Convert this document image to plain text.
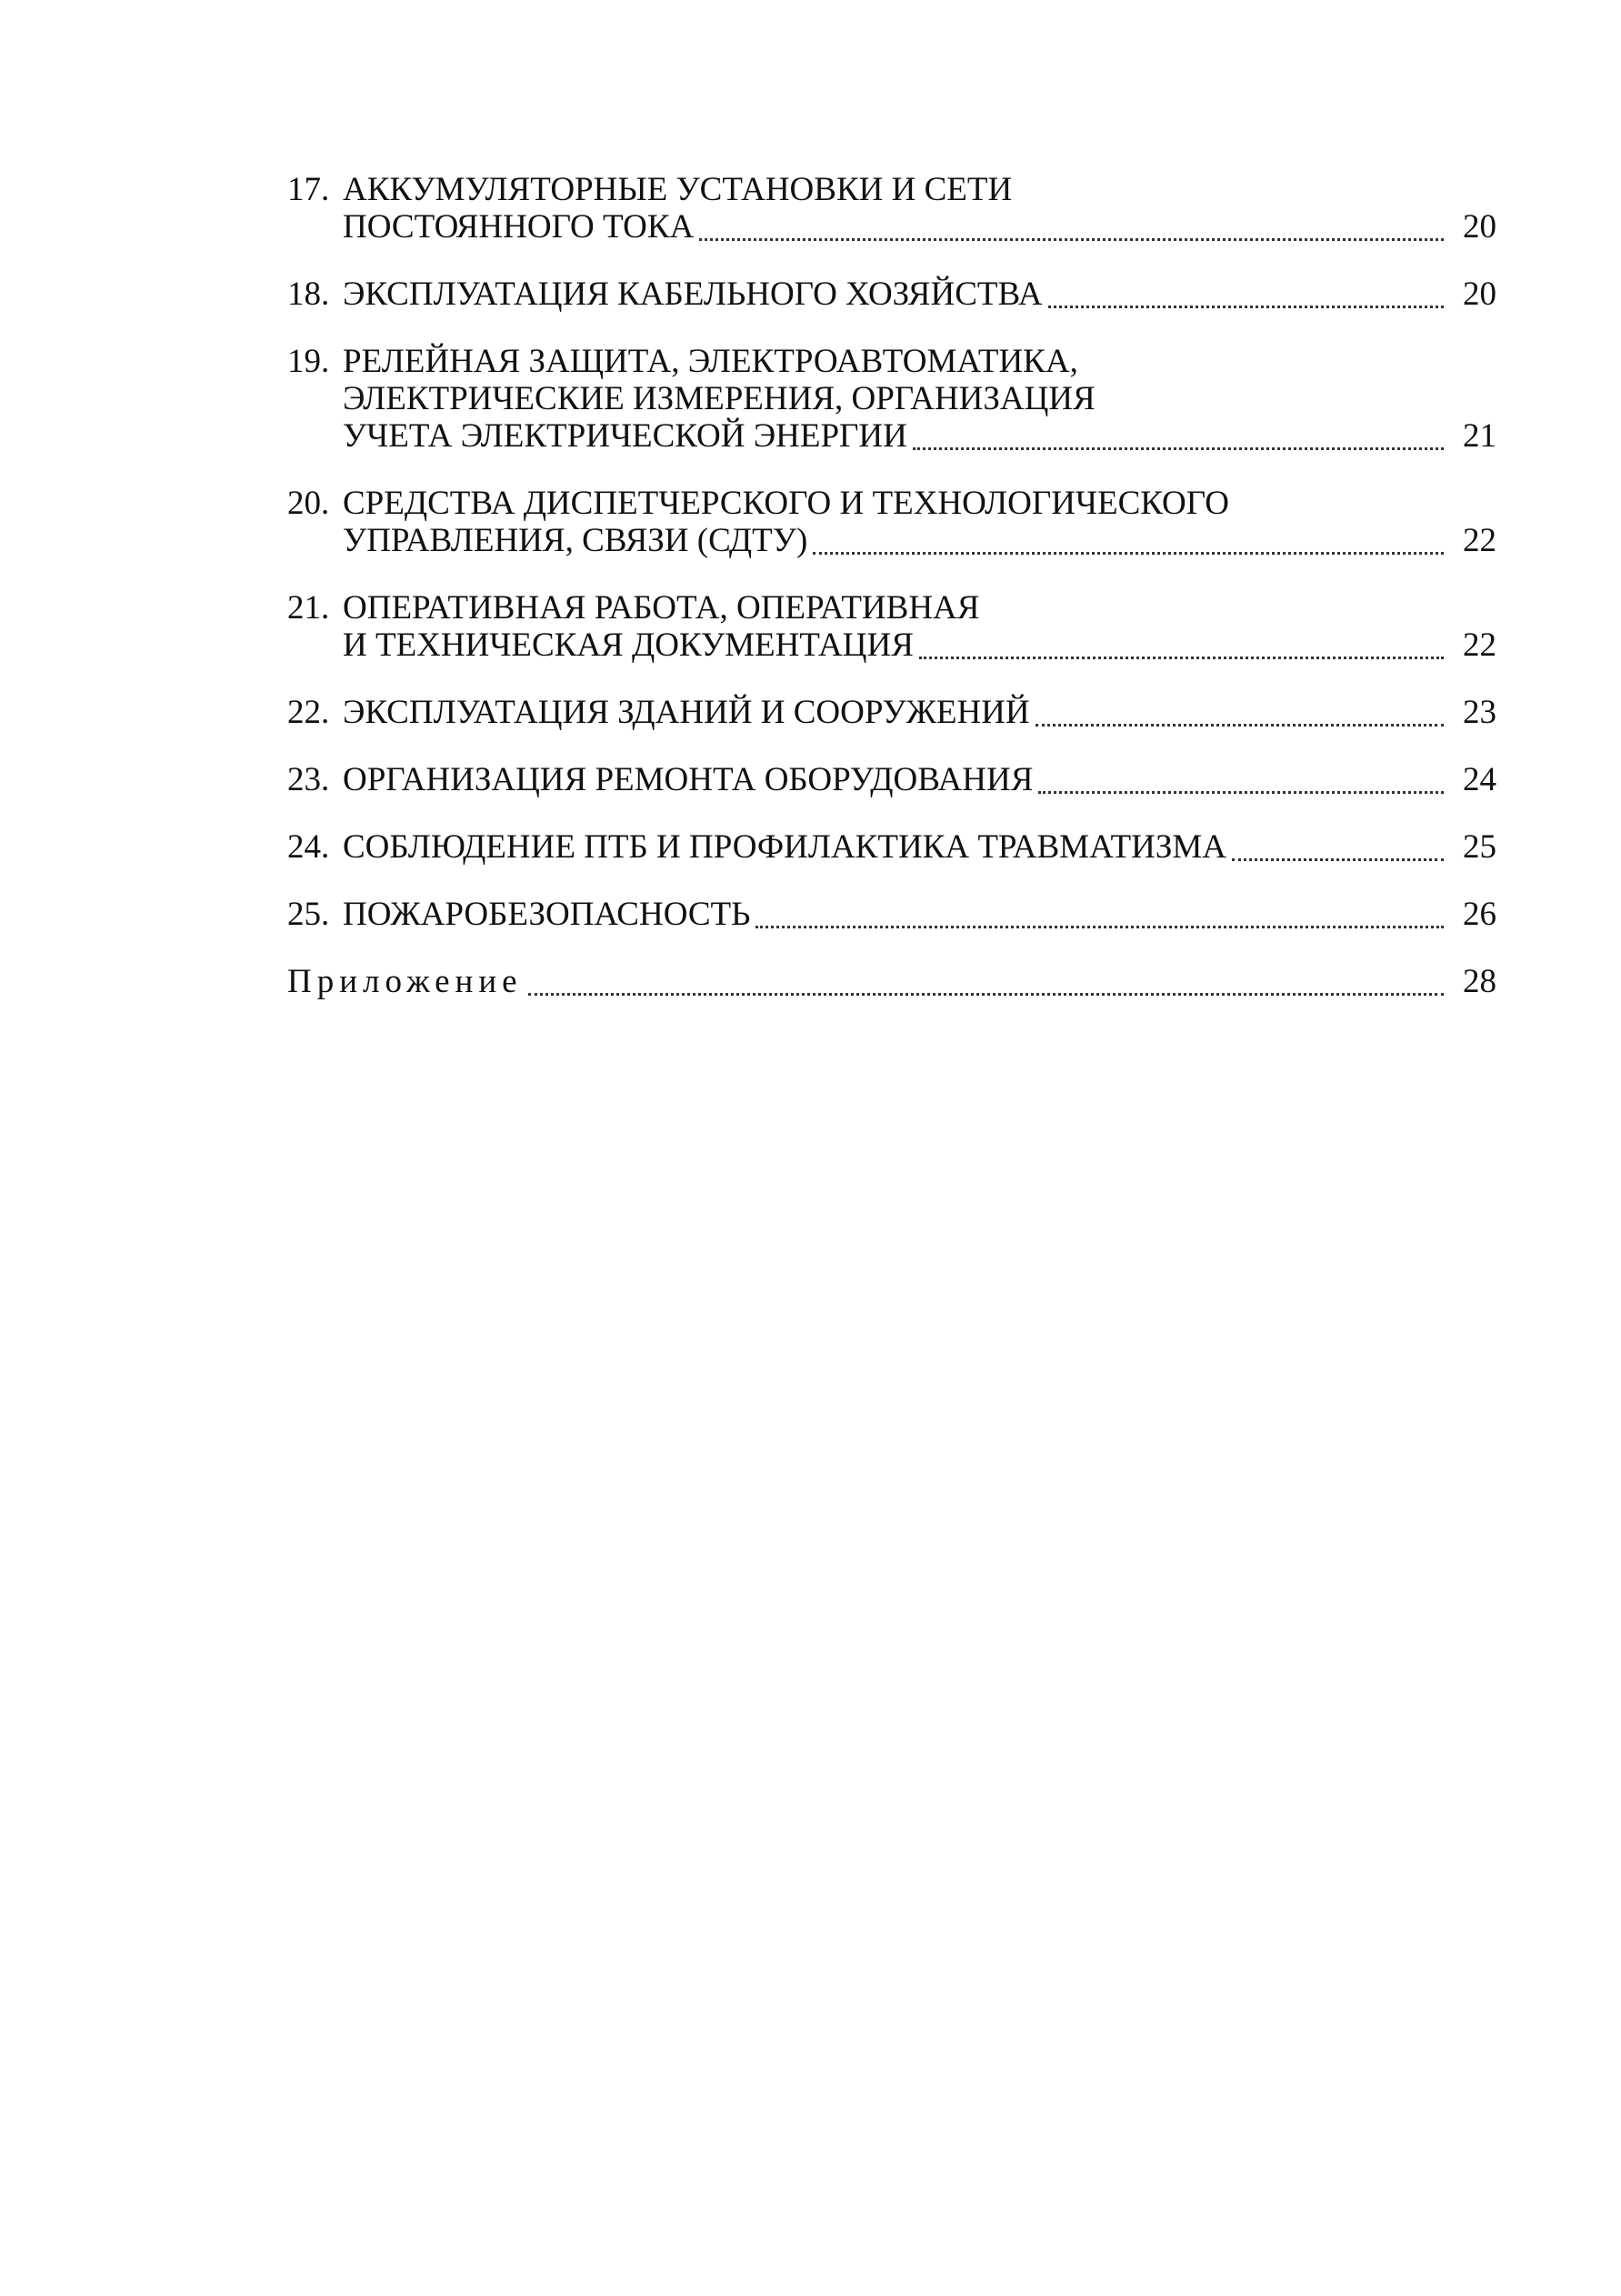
17. АККУМУЛЯТОРНЫЕ УСТАНОВКИ И СЕТИ
ПОСТОЯННОГО ТОКА	20
18. ЭКСПЛУАТАЦИЯ КАБЕЛЬНОГО ХОЗЯЙСТВА	20
19. РЕЛЕЙНАЯ ЗАЩИТА, ЭЛЕКТРОАВТОМАТИКА,
ЭЛЕКТРИЧЕСКИЕ ИЗМЕРЕНИЯ, ОРГАНИЗАЦИЯ
УЧЕТА ЭЛЕКТРИЧЕСКОЙ ЭНЕРГИИ	21
20. СРЕДСТВА ДИСПЕТЧЕРСКОГО И ТЕХНОЛОГИЧЕСКОГО
УПРАВЛЕНИЯ, СВЯЗИ (СДТУ)	22
21. ОПЕРАТИВНАЯ РАБОТА, ОПЕРАТИВНАЯ
И ТЕХНИЧЕСКАЯ ДОКУМЕНТАЦИЯ	22
22. ЭКСПЛУАТАЦИЯ ЗДАНИЙ И СООРУЖЕНИЙ	23
23. ОРГАНИЗАЦИЯ РЕМОНТА ОБОРУДОВАНИЯ	24
24. СОБЛЮДЕНИЕ ПТБ И ПРОФИЛАКТИКА ТРАВМАТИЗМА	25
25. ПОЖАРОБЕЗОПАСНОСТЬ	26
Приложение	28
